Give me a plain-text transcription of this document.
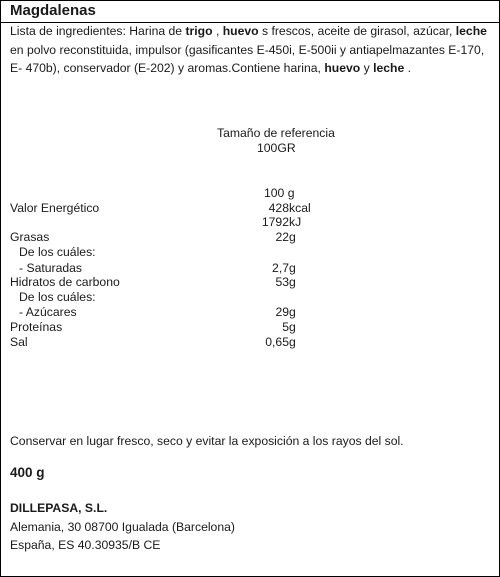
Magdalenas
Lista de ingredientes: Harina de trigo , huevo s frescos, aceite de girasol, azúcar, leche en polvo reconstituida, impulsor (gasificantes E-450i, E-500ii y antiapelmazantes E-170, E- 470b), conservador (E-202) y aromas.Contiene harina, huevo y leche .
Tamaño de referencia
100GR
100 g
Valor Energético	428 kcal
1792 kJ
Grasas	22 g
De los cuáles:
- Saturadas	2,7 g
Hidratos de carbono	53 g
De los cuáles:
- Azúcares	29 g
Proteínas	5 g
Sal	0,65 g
Conservar en lugar fresco, seco y evitar la exposición a los rayos del sol.
400 g
DILLEPASA, S.L.
Alemania, 30 08700 Igualada (Barcelona)
España, ES 40.30935/B CE
